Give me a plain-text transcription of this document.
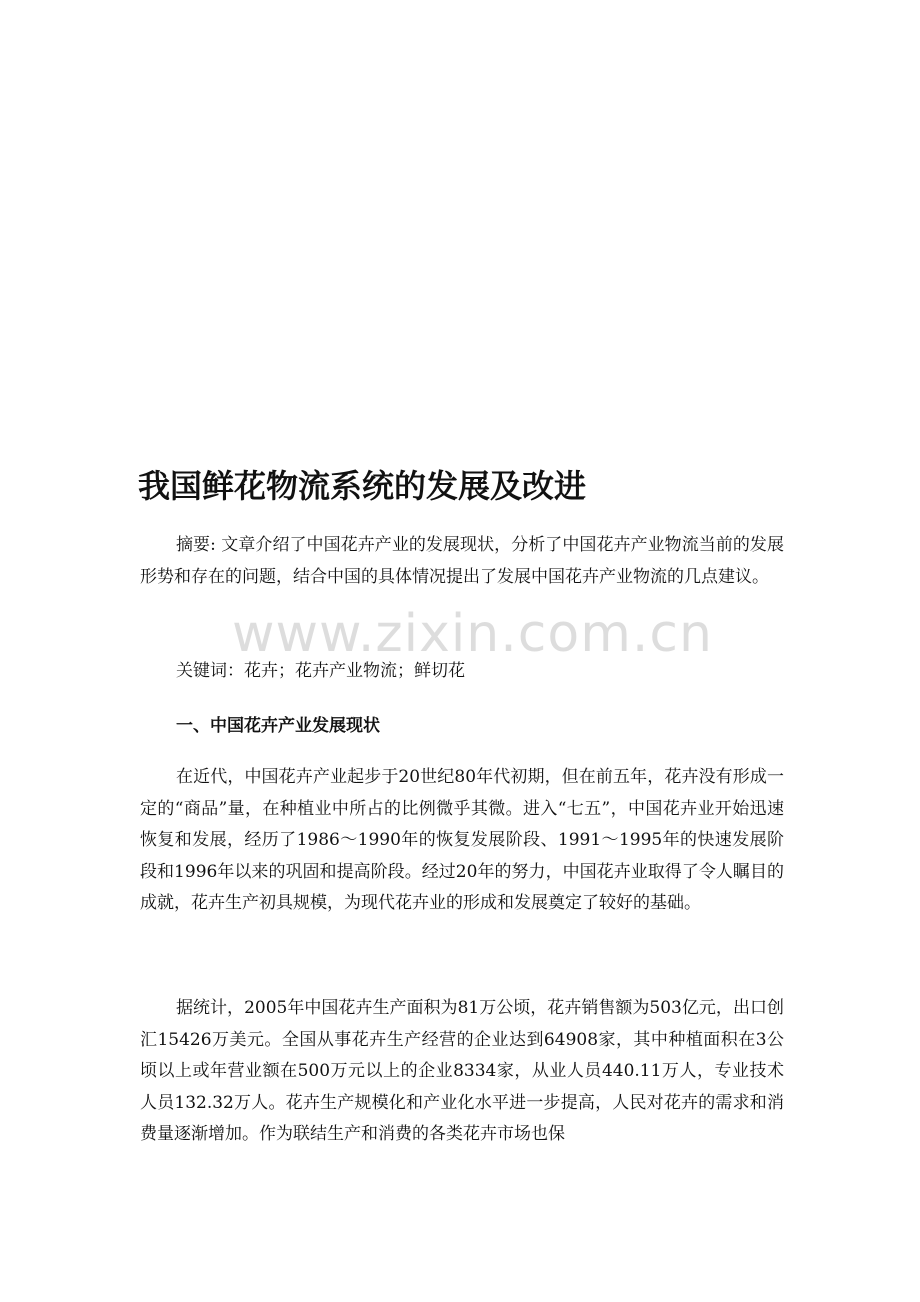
我国鲜花物流系统的发展及改进

摘要: 文章介绍了中国花卉产业的发展现状，分析了中国花卉产业物流当前的发展形势和存在的问题，结合中国的具体情况提出了发展中国花卉产业物流的几点建议。

关键词：花卉；花卉产业物流；鲜切花

一、中国花卉产业发展现状

在近代，中国花卉产业起步于20世纪80年代初期，但在前五年，花卉没有形成一定的“商品”量，在种植业中所占的比例微乎其微。进入“七五”，中国花卉业开始迅速恢复和发展，经历了1986～1990年的恢复发展阶段、1991～1995年的快速发展阶段和1996年以来的巩固和提高阶段。经过20年的努力，中国花卉业取得了令人瞩目的成就，花卉生产初具规模，为现代花卉业的形成和发展奠定了较好的基础。

据统计，2005年中国花卉生产面积为81万公顷，花卉销售额为503亿元，出口创汇15426万美元。全国从事花卉生产经营的企业达到64908家，其中种植面积在3公顷以上或年营业额在500万元以上的企业8334家，从业人员440.11万人，专业技术人员132.32万人。花卉生产规模化和产业化水平进一步提高，人民对花卉的需求和消费量逐渐增加。作为联结生产和消费的各类花卉市场也保

www.zixin.com.cn
